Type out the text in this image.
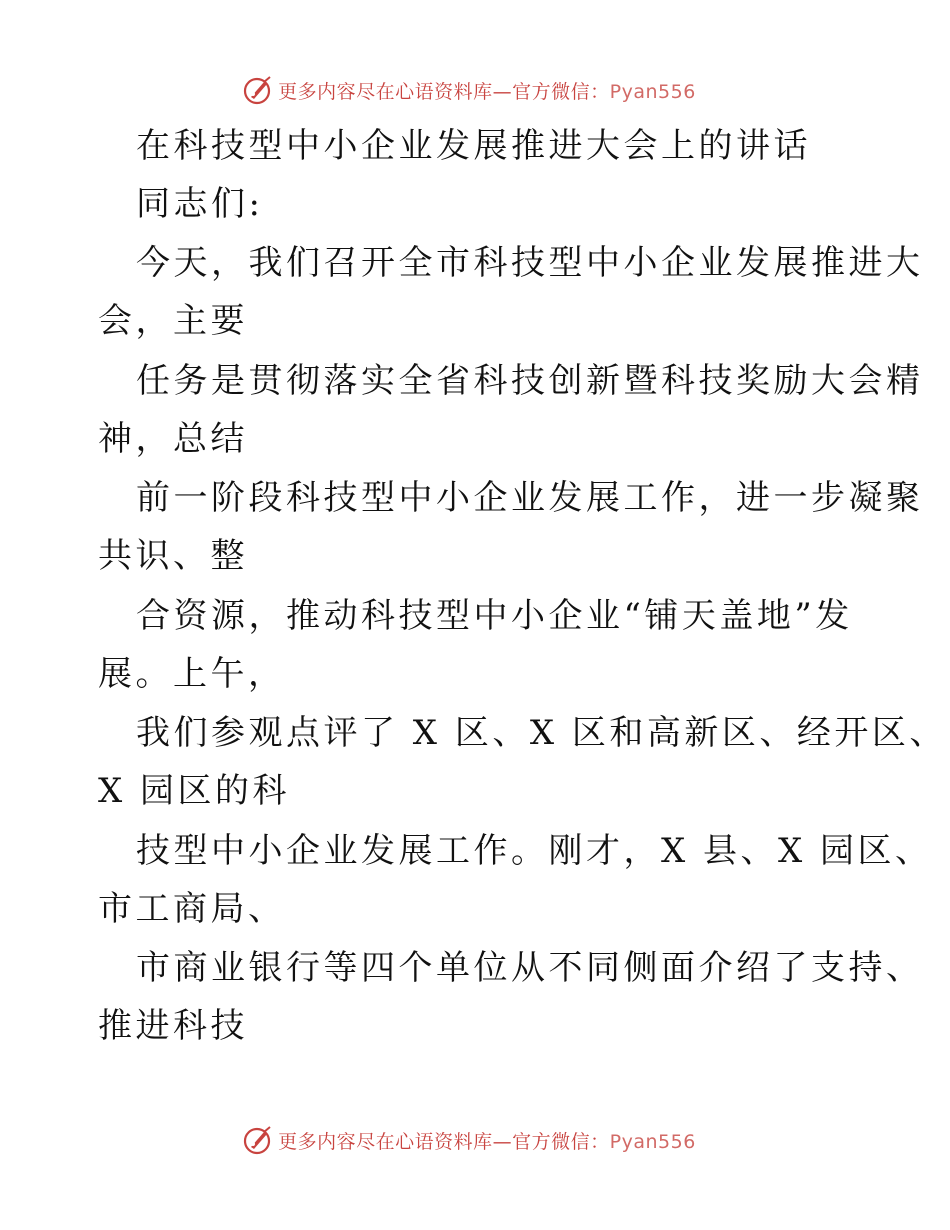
更多内容尽在心语资料库—官方微信：Pyan556
在科技型中小企业发展推进大会上的讲话
同志们:
今天，我们召开全市科技型中小企业发展推进大
会，主要
任务是贯彻落实全省科技创新暨科技奖励大会精
神，总结
前一阶段科技型中小企业发展工作，进一步凝聚
共识、整
合资源，推动科技型中小企业“铺天盖地”发
展。上午，
我们参观点评了 X 区、X 区和高新区、经开区、
X 园区的科
技型中小企业发展工作。刚才，X 县、X 园区、
市工商局、
市商业银行等四个单位从不同侧面介绍了支持、
推进科技
更多内容尽在心语资料库—官方微信：Pyan556
